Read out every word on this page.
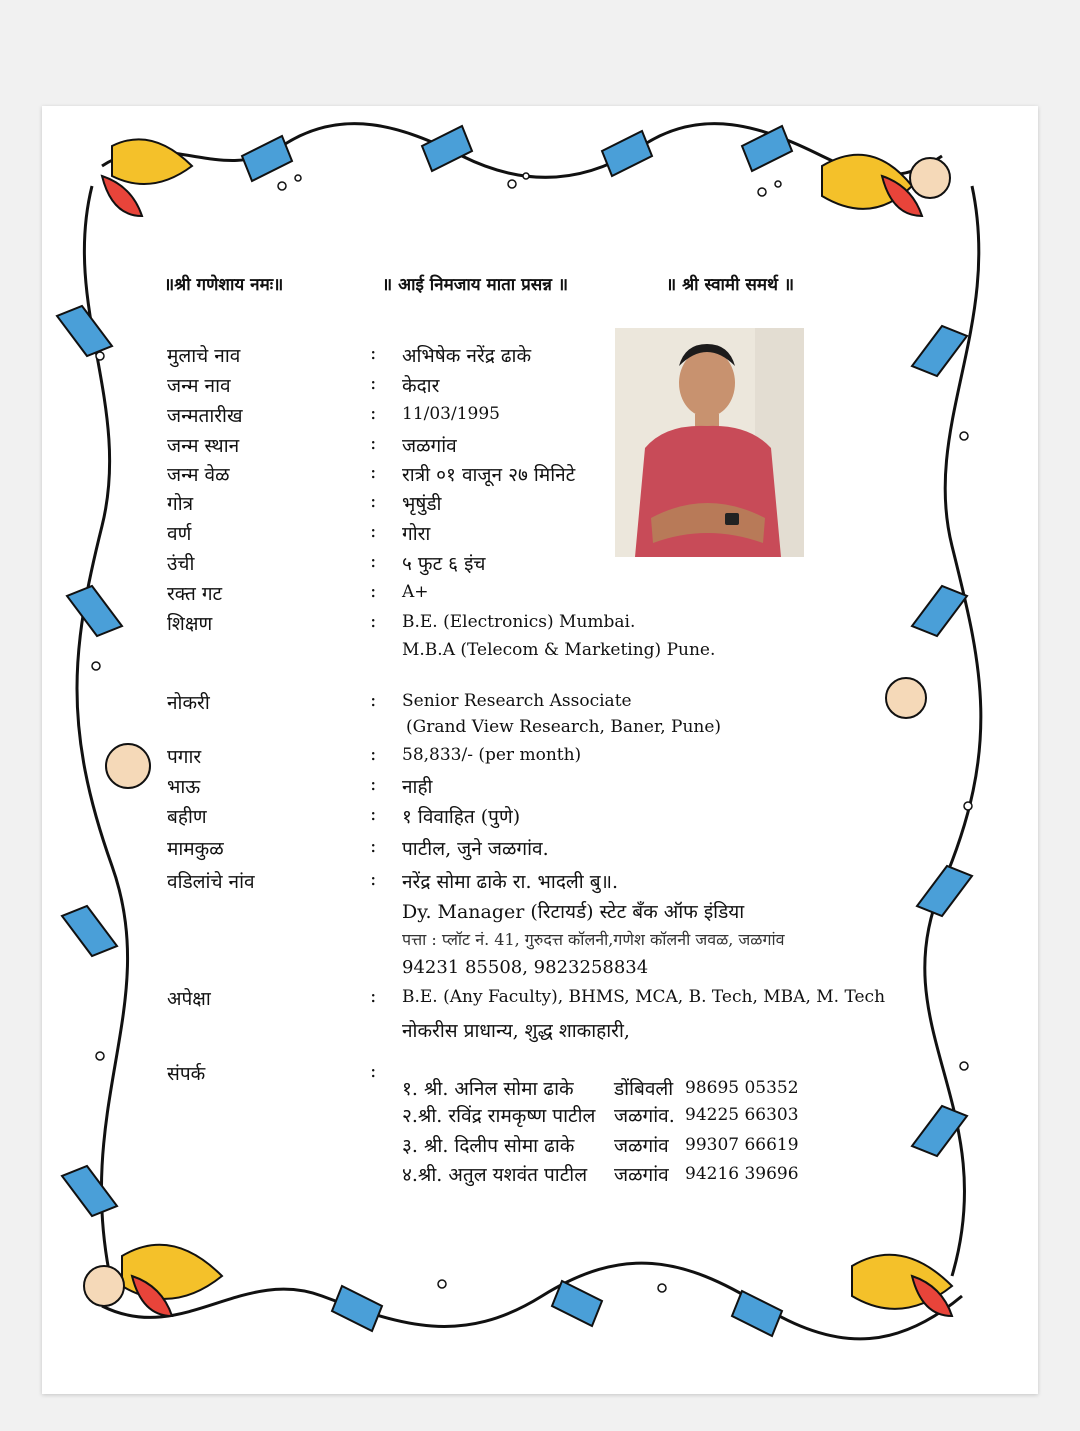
॥श्री गणेशाय नमः॥	॥ आई निमजाय माता प्रसन्न ॥	॥ श्री स्वामी समर्थ ॥
मुलाचे नाव	: अभिषेक नरेंद्र ढाके
जन्म नाव	: केदार
जन्मतारीख	: 11/03/1995
जन्म स्थान	: जळगांव
जन्म वेळ	: रात्री ०१ वाजून २७ मिनिटे
गोत्र	: भृषुंडी
वर्ण	: गोरा
उंची	: ५ फुट ६ इंच
रक्त गट	: A+
शिक्षण	: B.E. (Electronics) Mumbai.
M.B.A (Telecom & Marketing) Pune.
नोकरी	: Senior Research Associate
(Grand View Research, Baner, Pune)
पगार	: 58,833/- (per month)
भाऊ	: नाही
बहीण	: १ विवाहित (पुणे)
मामकुळ	: पाटील, जुने जळगांव.
वडिलांचे नांव	: नरेंद्र सोमा ढाके रा. भादली बु॥.
Dy. Manager (रिटायर्ड) स्टेट बँक ऑफ इंडिया
पत्ता : प्लॉट नं. 41, गुरुदत्त कॉलनी,गणेश कॉलनी जवळ, जळगांव
94231 85508, 9823258834
अपेक्षा	: B.E. (Any Faculty), BHMS, MCA, B. Tech, MBA, M. Tech
नोकरीस प्राधान्य, शुद्ध शाकाहारी,
संपर्क	:
१. श्री. अनिल सोमा ढाके डोंबिवली 98695 05352
२.श्री. रविंद्र रामकृष्ण पाटील जळगांव. 94225 66303
३. श्री. दिलीप सोमा ढाके जळगांव 99307 66619
४.श्री. अतुल यशवंत पाटील जळगांव 94216 39696
